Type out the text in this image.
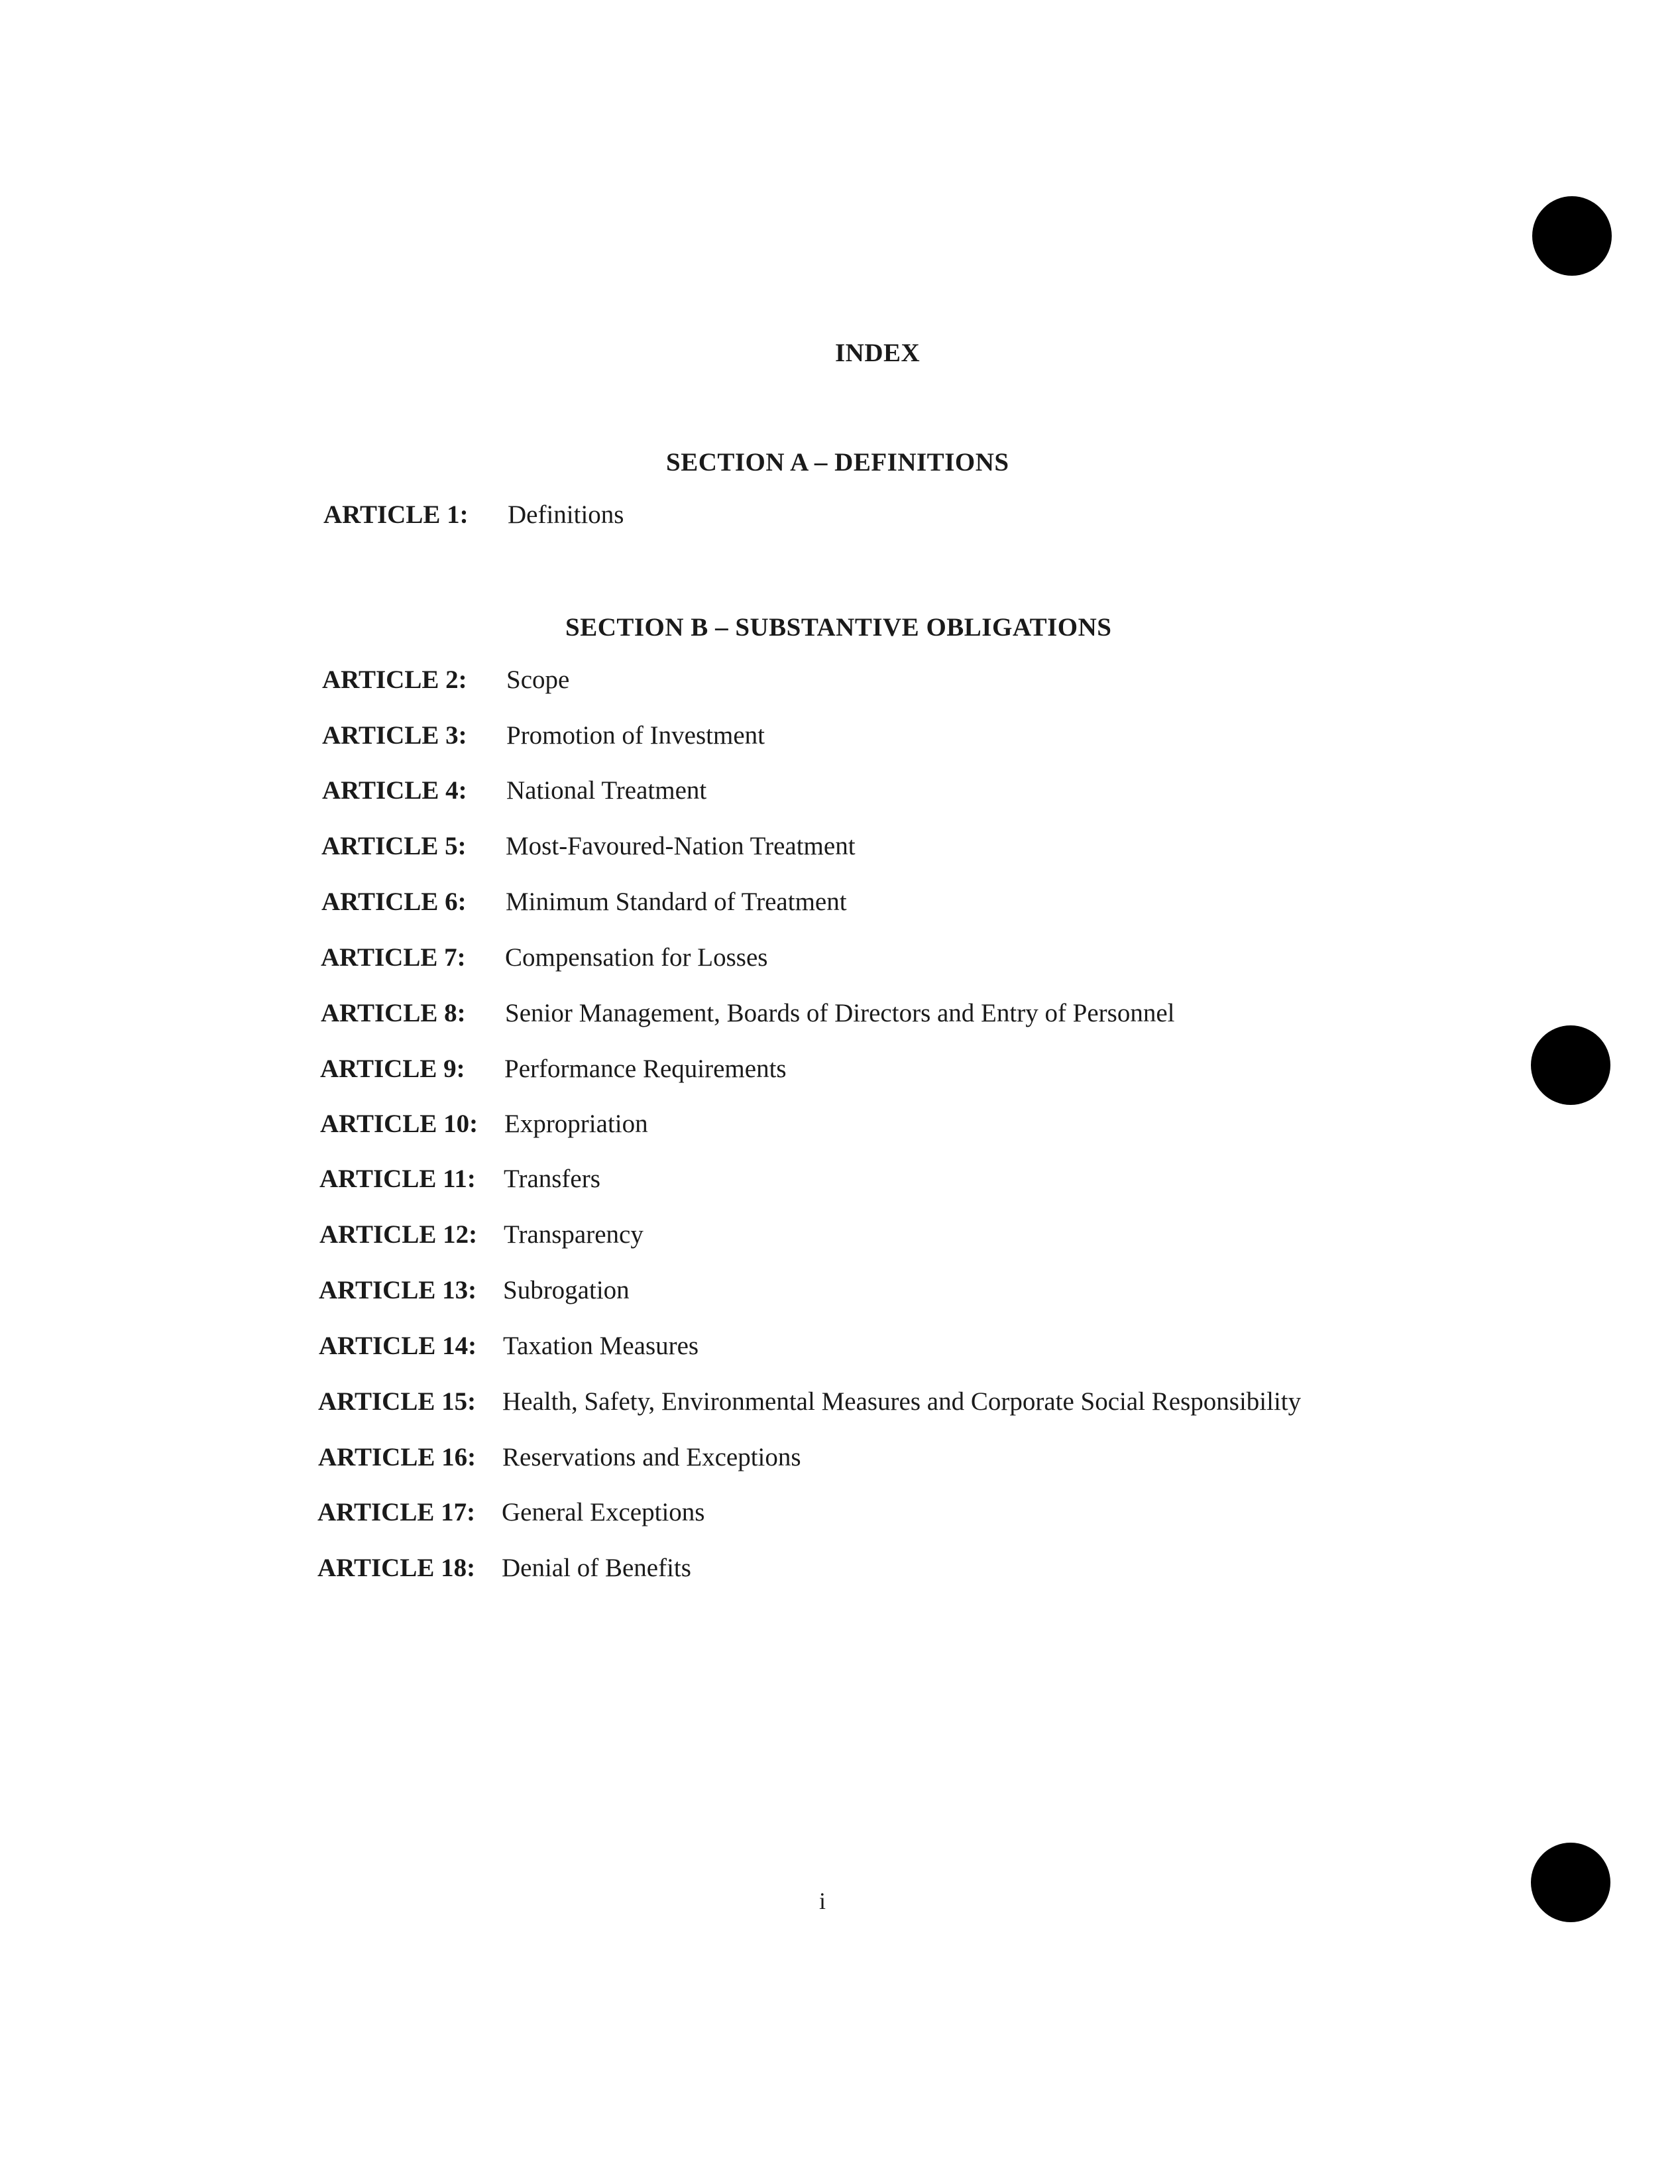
INDEX
SECTION A – DEFINITIONS
ARTICLE 1: Definitions
SECTION B – SUBSTANTIVE OBLIGATIONS
ARTICLE 2: Scope
ARTICLE 3: Promotion of Investment
ARTICLE 4: National Treatment
ARTICLE 5: Most-Favoured-Nation Treatment
ARTICLE 6: Minimum Standard of Treatment
ARTICLE 7: Compensation for Losses
ARTICLE 8: Senior Management, Boards of Directors and Entry of Personnel
ARTICLE 9: Performance Requirements
ARTICLE 10: Expropriation
ARTICLE 11: Transfers
ARTICLE 12: Transparency
ARTICLE 13: Subrogation
ARTICLE 14: Taxation Measures
ARTICLE 15: Health, Safety, Environmental Measures and Corporate Social Responsibility
ARTICLE 16: Reservations and Exceptions
ARTICLE 17: General Exceptions
ARTICLE 18: Denial of Benefits
i
